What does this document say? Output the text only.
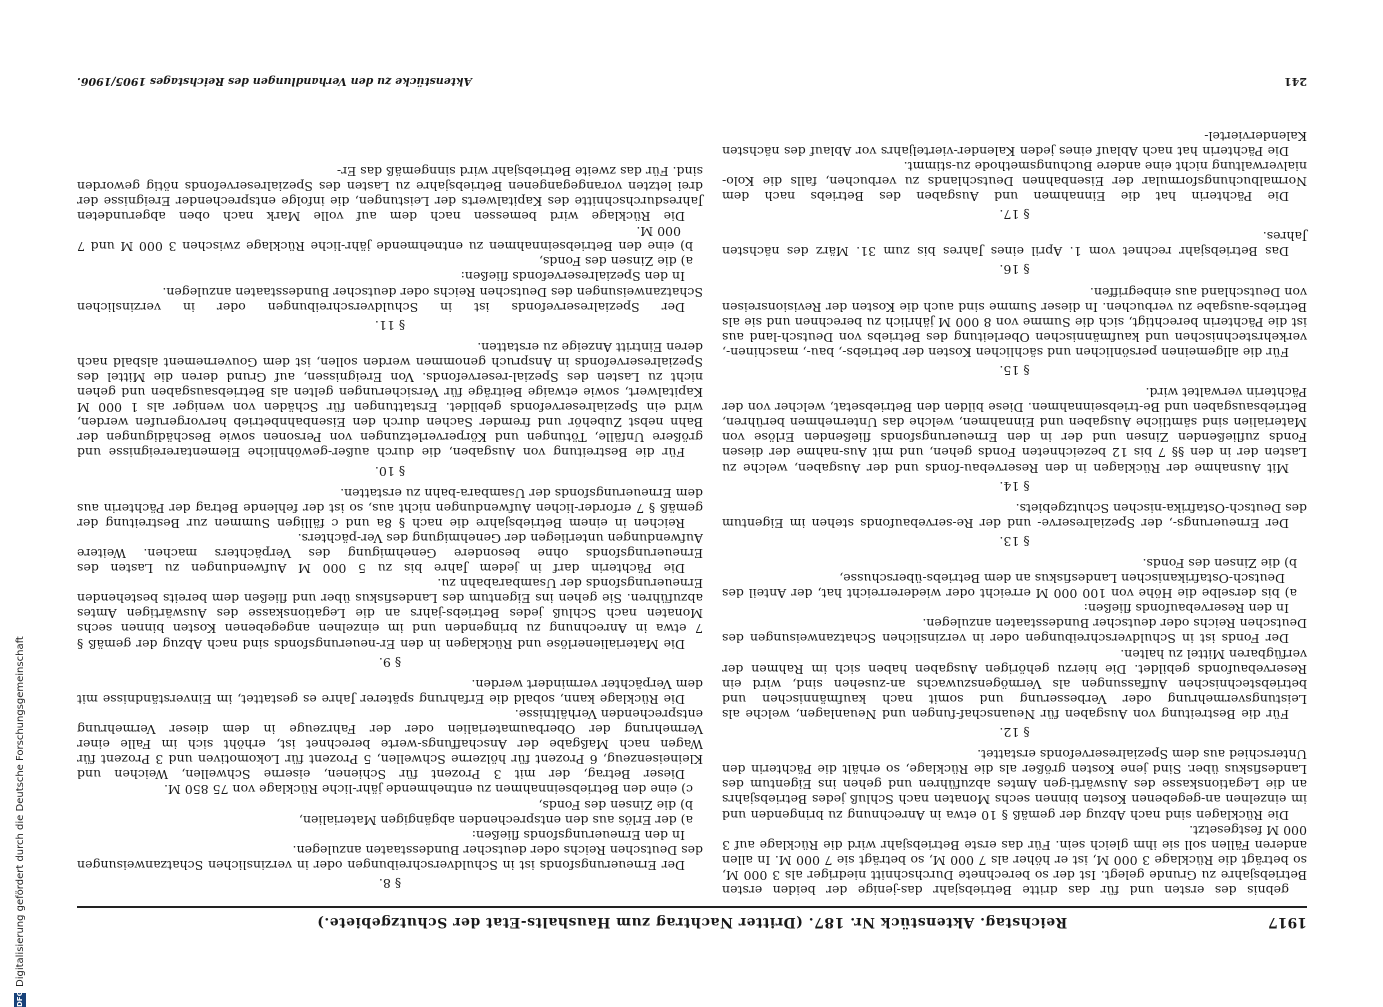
DFG
Digitalisierung gefördert durch die Deutsche Forschungsgemeinschaft	1917
Reichstag. Aktenstück Nr. 187. (Dritter Nachtrag zum Haushalts-Etat der Schutzgebiete.)

gebnis des ersten und für das dritte Betriebsjahr das-jenige der beiden ersten Betriebsjahre zu Grunde gelegt. Ist der so berechnete Durchschnitt niedriger als 3 000 M, so beträgt die Rücklage 3 000 M, ist er höher als 7 000 M, so beträgt sie 7 000 M. In allen anderen Fällen soll sie ihm gleich sein. Für das erste Betriebsjahr wird die Rücklage auf 3 000 M festgesetzt.

Die Rücklagen sind nach Abzug der gemäß § 10 etwa in Anrechnung zu bringenden und im einzelnen an-gegebenen Kosten binnen sechs Monaten nach Schluß jedes Betriebsjahrs an die Legationskasse des Auswärti-gen Amtes abzuführen und gehen ins Eigentum des Landesfiskus über. Sind jene Kosten größer als die Rücklage, so erhält die Pächterin den Unterschied aus dem Spezialreservefonds erstattet.

§ 12.

Für die Bestreitung von Ausgaben für Neuanschaf-fungen und Neuanlagen, welche als Leistungsvermehrung oder Verbesserung und somit nach kaufmännischen und betriebstechnischen Auffassungen als Vermögenszuwachs an-zusehen sind, wird ein Reservebaufonds gebildet. Die hierzu gehörigen Ausgaben haben sich im Rahmen der verfügbaren Mittel zu halten.

Der Fonds ist in Schuldverschreibungen oder in verzinslichen Schatzanweisungen des Deutschen Reichs oder deutscher Bundesstaaten anzulegen.

In den Reservebaufonds fließen:

a) bis derselbe die Höhe von 100 000 M erreicht oder wiedererreicht hat, der Anteil des Deutsch-Ostafrikanischen Landesfiskus an dem Betriebs-überschusse,

b) die Zinsen des Fonds.

§ 13.

Der Erneuerungs-, der Spezialreserve- und der Re-servebaufonds stehen im Eigentum des Deutsch-Ostafrika-nischen Schutzgebiets.

§ 14.

Mit Ausnahme der Rücklagen in den Reservebau-fonds und der Ausgaben, welche zu Lasten der in den §§ 7 bis 12 bezeichneten Fonds gehen, und mit Aus-nahme der diesen Fonds zufließenden Zinsen und der in den Erneuerungsfonds fließenden Erlöse von Materialien sind sämtliche Ausgaben und Einnahmen, welche das Unternehmen berühren, Betriebsausgaben und Be-triebseinnahmen. Diese bilden den Betriebsetat, welcher von der Pächterin verwaltet wird.

§ 15.

Für die allgemeinen persönlichen und sächlichen Kosten der betriebs-, bau-, maschinen-, verkehrstechnischen und kaufmännischen Oberleitung des Betriebs von Deutsch-land aus ist die Pächterin berechtigt, sich die Summe von 8 000 M jährlich zu berechnen und sie als Betriebs-ausgabe zu verbuchen. In dieser Summe sind auch die Kosten der Revisionsreisen von Deutschland aus einbegriffen.

§ 16.

Das Betriebsjahr rechnet vom 1. April eines Jahres bis zum 31. März des nächsten Jahres.

§ 17.

Die Pächterin hat die Einnahmen und Ausgaben des Betriebs nach dem Normalbuchungsformular der Eisenbahnen Deutschlands zu verbuchen, falls die Kolo-nialverwaltung nicht eine andere Buchungsmethode zu-stimmt.

Die Pächterin hat nach Ablauf eines jeden Kalender-vierteljahrs vor Ablauf des nächsten Kalenderviertel-

§ 8.

Der Erneuerungsfonds ist in Schuldverschreibungen oder in verzinslichen Schatzanweisungen des Deutschen Reichs oder deutscher Bundesstaaten anzulegen.

In den Erneuerungsfonds fließen:

a) der Erlös aus den entsprechenden abgängigen Materialien,

b) die Zinsen des Fonds,

c) eine den Betriebseinnahmen zu entnehmende jähr-liche Rücklage von 75 850 M.

Dieser Betrag, der mit 3 Prozent für Schienen, eiserne Schwellen, Weichen und Kleineisenzeug, 6 Prozent für hölzerne Schwellen, 5 Prozent für Lokomotiven und 3 Prozent für Wagen nach Maßgabe der Anschaffungs-werte berechnet ist, erhöht sich im Falle einer Vermehrung der Oberbaumaterialien oder der Fahrzeuge in dem dieser Vermehrung entsprechenden Verhältnisse.

Die Rücklage kann, sobald die Erfahrung späterer Jahre es gestattet, im Einverständnisse mit dem Verpächter vermindert werden.

§ 9.

Die Materialienerlöse und Rücklagen in den Er-neuerungsfonds sind nach Abzug der gemäß § 7 etwa in Anrechnung zu bringenden und im einzelnen angegebenen Kosten binnen sechs Monaten nach Schluß jedes Betriebs-jahrs an die Legationskasse des Auswärtigen Amtes abzuführen. Sie gehen ins Eigentum des Landesfiskus über und fließen dem bereits bestehenden Erneuerungsfonds der Usambarabahn zu.

Die Pächterin darf in jedem Jahre bis zu 5 000 M Aufwendungen zu Lasten des Erneuerungsfonds ohne besondere Genehmigung des Verpächters machen. Weitere Aufwendungen unterliegen der Genehmigung des Ver-pächters.

Reichen in einem Betriebsjahre die nach § 8a und c fälligen Summen zur Bestreitung der gemäß § 7 erforder-lichen Aufwendungen nicht aus, so ist der fehlende Betrag der Pächterin aus dem Erneuerungsfonds der Usambara-bahn zu erstatten.

§ 10.

Für die Bestreitung von Ausgaben, die durch außer-gewöhnliche Elementarereignisse und größere Unfälle, Tötungen und Körperverletzungen von Personen sowie Beschädigungen der Bahn nebst Zubehör und fremder Sachen durch den Eisenbahnbetrieb hervorgerufen werden, wird ein Spezialreservefonds gebildet. Erstattungen für Schäden von weniger als 1 000 M Kapitalwert, sowie etwaige Beiträge für Versicherungen gelten als Betriebsausgaben und gehen nicht zu Lasten des Spezial-reservefonds. Von Ereignissen, auf Grund deren die Mittel des Spezialreservefonds in Anspruch genommen werden sollen, ist dem Gouvernement alsbald nach deren Eintritt Anzeige zu erstatten.

§ 11.

Der Spezialreservefonds ist in Schuldverschreibungen oder in verzinslichen Schatzanweisungen des Deutschen Reichs oder deutscher Bundesstaaten anzulegen.

In den Spezialreservefonds fließen:

a) die Zinsen des Fonds,

b) eine den Betriebseinnahmen zu entnehmende jähr-liche Rücklage zwischen 3 000 M und 7 000 M.

Die Rücklage wird bemessen nach dem auf volle Mark nach oben abgerundeten Jahresdurchschnitte des Kapitalwerts der Leistungen, die infolge entsprechender Ereignisse der drei letzten vorangegangenen Betriebsjahre zu Lasten des Spezialreservefonds nötig geworden sind. Für das zweite Betriebsjahr wird sinngemäß das Er-

241
Aktenstücke zu den Verhandlungen des Reichstages 1905/1906.
